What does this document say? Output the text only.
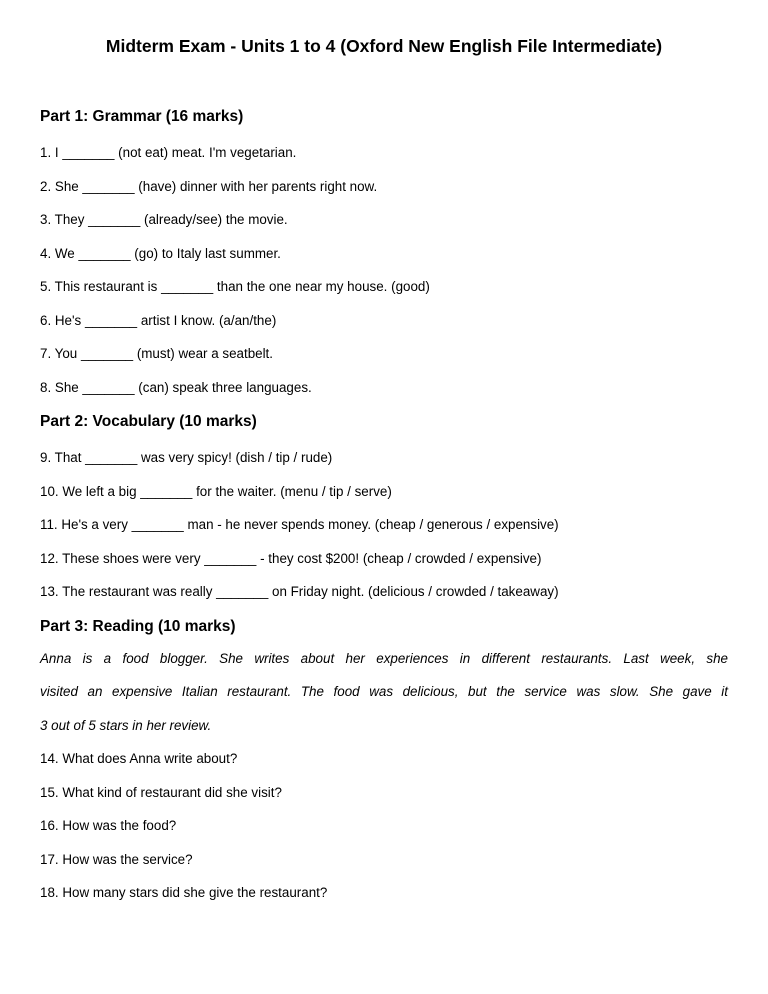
Midterm Exam - Units 1 to 4 (Oxford New English File Intermediate)
Part 1: Grammar (16 marks)

1. I _______ (not eat) meat. I'm vegetarian.

2. She _______ (have) dinner with her parents right now.

3. They _______ (already/see) the movie.

4. We _______ (go) to Italy last summer.

5. This restaurant is _______ than the one near my house. (good)

6. He's _______ artist I know. (a/an/the)

7. You _______ (must) wear a seatbelt.

8. She _______ (can) speak three languages.

Part 2: Vocabulary (10 marks)

9. That _______ was very spicy! (dish / tip / rude)

10. We left a big _______ for the waiter. (menu / tip / serve)

11. He's a very _______ man - he never spends money. (cheap / generous / expensive)

12. These shoes were very _______ - they cost $200! (cheap / crowded / expensive)

13. The restaurant was really _______ on Friday night. (delicious / crowded / takeaway)

Part 3: Reading (10 marks)
Anna is a food blogger. She writes about her experiences in different restaurants. Last week, she
visited an expensive Italian restaurant. The food was delicious, but the service was slow. She gave it
3 out of 5 stars in her review.

14. What does Anna write about?

15. What kind of restaurant did she visit?

16. How was the food?

17. How was the service?

18. How many stars did she give the restaurant?
